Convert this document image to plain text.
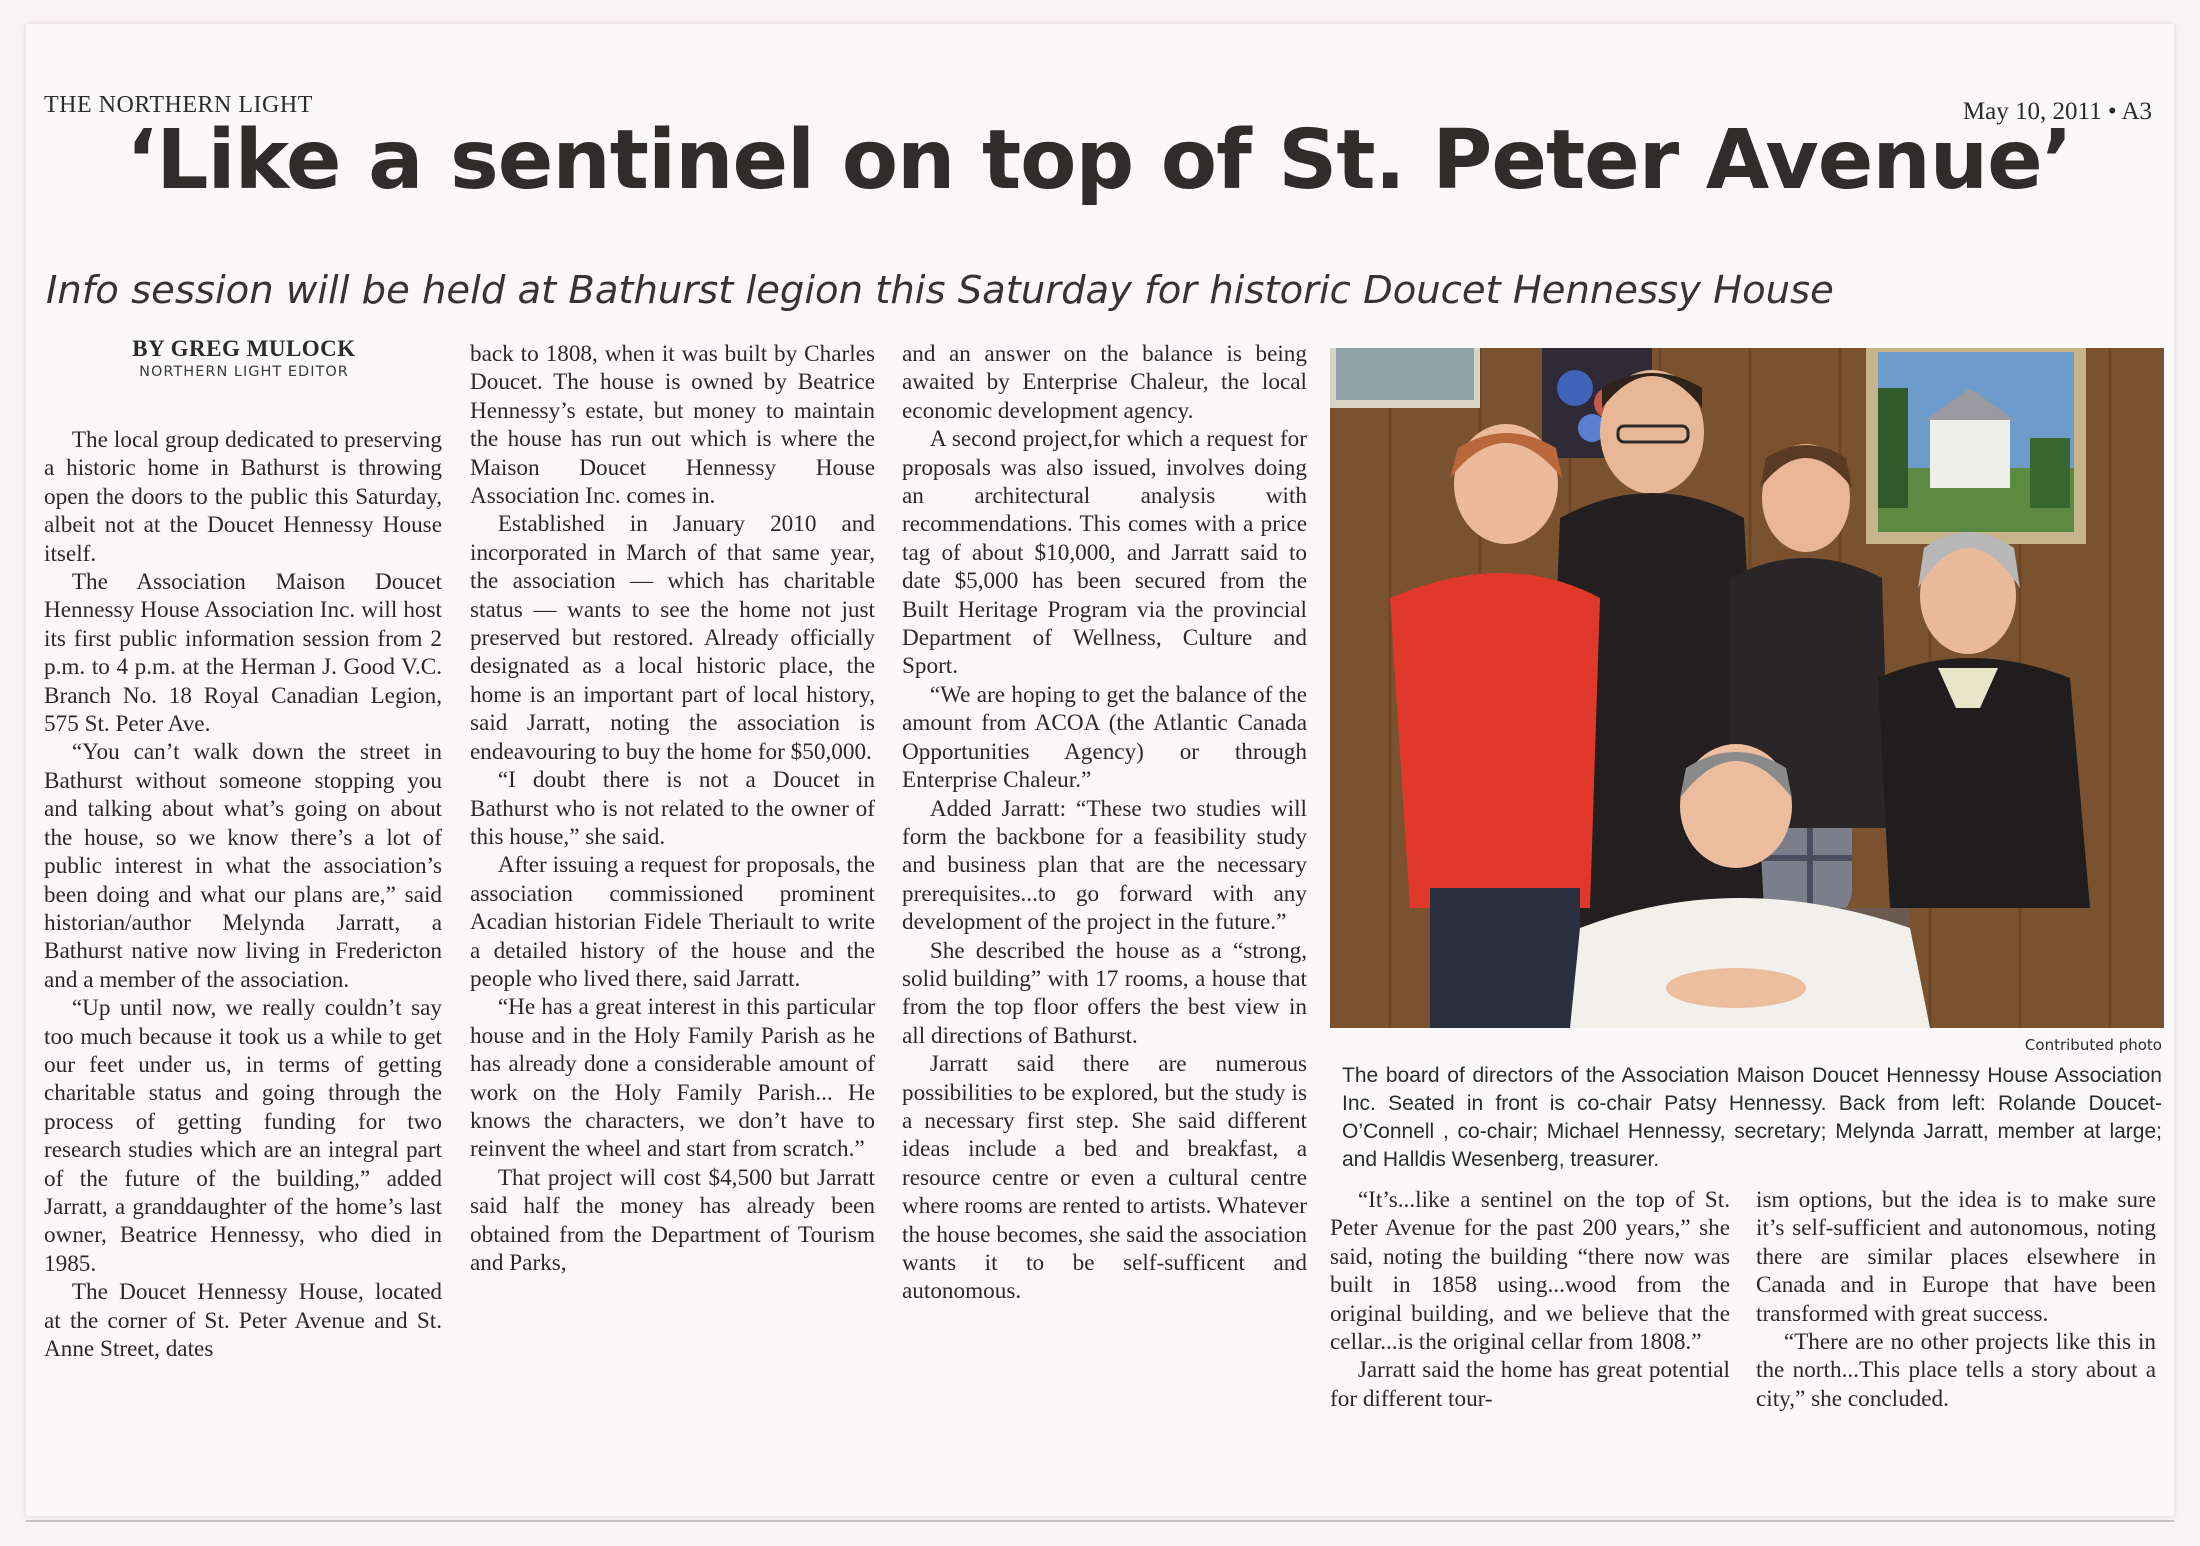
THE NORTHERN LIGHT	May 10, 2011 • A3
‘Like a sentinel on top of St. Peter Avenue’
Info session will be held at Bathurst legion this Saturday for historic Doucet Hennessy House
BY GREG MULOCK
NORTHERN LIGHT EDITOR

The local group dedicated to preserving a historic home in Bathurst is throwing open the doors to the public this Saturday, albeit not at the Doucet Hennessy House itself.

The Association Maison Doucet Hennessy House Association Inc. will host its first public information session from 2 p.m. to 4 p.m. at the Herman J. Good V.C. Branch No. 18 Royal Canadian Legion, 575 St. Peter Ave.

“You can’t walk down the street in Bathurst without someone stopping you and talking about what’s going on about the house, so we know there’s a lot of public interest in what the association’s been doing and what our plans are,” said historian/author Melynda Jarratt, a Bathurst native now living in Fredericton and a member of the association.

“Up until now, we really couldn’t say too much because it took us a while to get our feet under us, in terms of getting charitable status and going through the process of getting funding for two research studies which are an integral part of the future of the building,” added Jarratt, a granddaughter of the home’s last owner, Beatrice Hennessy, who died in 1985.

The Doucet Hennessy House, located at the corner of St. Peter Avenue and St. Anne Street, dates

back to 1808, when it was built by Charles Doucet. The house is owned by Beatrice Hennessy’s estate, but money to maintain the house has run out which is where the Maison Doucet Hennessy House Association Inc. comes in.

Established in January 2010 and incorporated in March of that same year, the association — which has charitable status — wants to see the home not just preserved but restored. Already officially designated as a local historic place, the home is an important part of local history, said Jarratt, noting the association is endeavouring to buy the home for $50,000.

“I doubt there is not a Doucet in Bathurst who is not related to the owner of this house,” she said.

After issuing a request for proposals, the association commissioned prominent Acadian historian Fidele Theriault to write a detailed history of the house and the people who lived there, said Jarratt.

“He has a great interest in this particular house and in the Holy Family Parish as he has already done a considerable amount of work on the Holy Family Parish... He knows the characters, we don’t have to reinvent the wheel and start from scratch.”

That project will cost $4,500 but Jarratt said half the money has already been obtained from the Department of Tourism and Parks,

and an answer on the balance is being awaited by Enterprise Chaleur, the local economic development agency.

A second project,for which a request for proposals was also issued, involves doing an architectural analysis with recommendations. This comes with a price tag of about $10,000, and Jarratt said to date $5,000 has been secured from the Built Heritage Program via the provincial Department of Wellness, Culture and Sport.

“We are hoping to get the balance of the amount from ACOA (the Atlantic Canada Opportunities Agency) or through Enterprise Chaleur.”

Added Jarratt: “These two studies will form the backbone for a feasibility study and business plan that are the necessary prerequisites...to go forward with any development of the project in the future.”

She described the house as a “strong, solid building” with 17 rooms, a house that from the top floor offers the best view in all directions of Bathurst.

Jarratt said there are numerous possibilities to be explored, but the study is a necessary first step. She said different ideas include a bed and breakfast, a resource centre or even a cultural centre where rooms are rented to artists. Whatever the house becomes, she said the association wants it to be self-sufficent and autonomous.

Contributed photo
The board of directors of the Association Maison Doucet Hennessy House Association Inc. Seated in front is co-chair Patsy Hennessy. Back from left: Rolande Doucet-O’Connell , co-chair; Michael Hennessy, secretary; Melynda Jarratt, member at large; and Halldis Wesenberg, treasurer.

“It’s...like a sentinel on the top of St. Peter Avenue for the past 200 years,” she said, noting the building “there now was built in 1858 using...wood from the original building, and we believe that the cellar...is the original cellar from 1808.”

Jarratt said the home has great potential for different tour-

ism options, but the idea is to make sure it’s self-sufficient and autonomous, noting there are similar places elsewhere in Canada and in Europe that have been transformed with great success.

“There are no other projects like this in the north...This place tells a story about a city,” she concluded.
